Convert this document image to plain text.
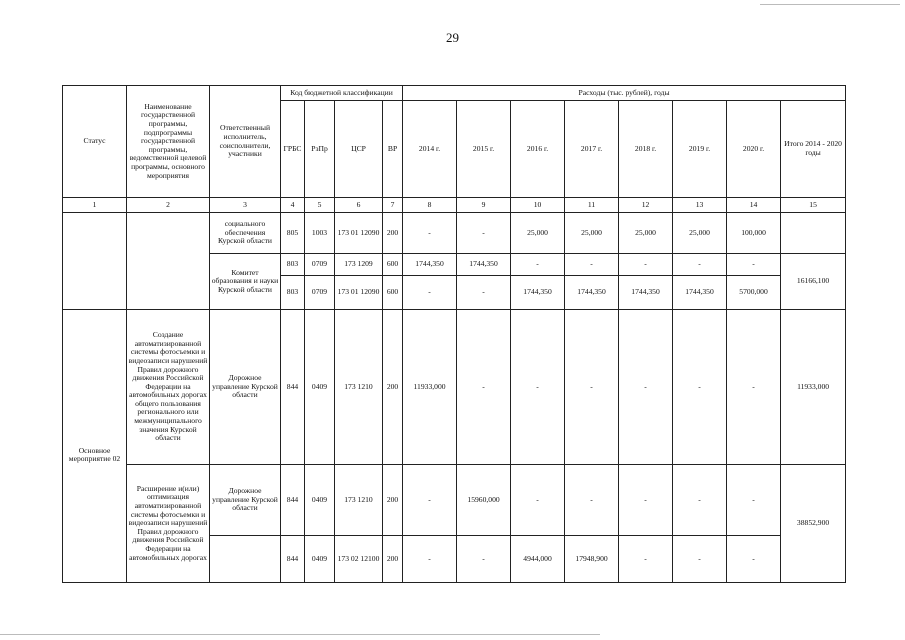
29
Статус	Наименование государственной программы, подпрограммы государственной программы, ведомственной целевой программы, основного мероприятия	Ответственный исполнитель, соисполнители, участники	Код бюджетной классификации				Расходы (тыс. рублей), годы							
			ГРБС	РзПр	ЦСР	ВР	2014 г.	2015 г.	2016 г.	2017 г.	2018 г.	2019 г.	2020 г.	Итого 2014 - 2020 годы
1	2	3	4	5	6	7	8	9	10	11	12	13	14	15
		социального обеспечения Курской области	805	1003	173 01 12090	200	-	-	25,000	25,000	25,000	25,000	100,000	
		Комитет образования и науки Курской области	803	0709	173 1209	600	1744,350	1744,350	-	-	-	-	-	16166,100
			803	0709	173 01 12090	600	-	-	1744,350	1744,350	1744,350	1744,350	5700,000	
Основное мероприятие 02	Создание автоматизированной системы фотосъемки и видеозаписи нарушений Правил дорожного движения Российской Федерации на автомобильных дорогах общего пользования регионального или межмуниципального значения Курской области	Дорожное управление Курской области	844	0409	173 1210	200	11933,000	-	-	-	-	-	-	11933,000
	Расширение и(или) оптимизация автоматизированной системы фотосъемки и видеозаписи нарушений Правил дорожного движения Российской Федерации на автомобильных дорогах	Дорожное управление Курской области	844	0409	173 1210	200	-	15960,000	-	-	-	-	-	38852,900
			844	0409	173 02 12100	200	-	-	4944,000	17948,900	-	-	-	
